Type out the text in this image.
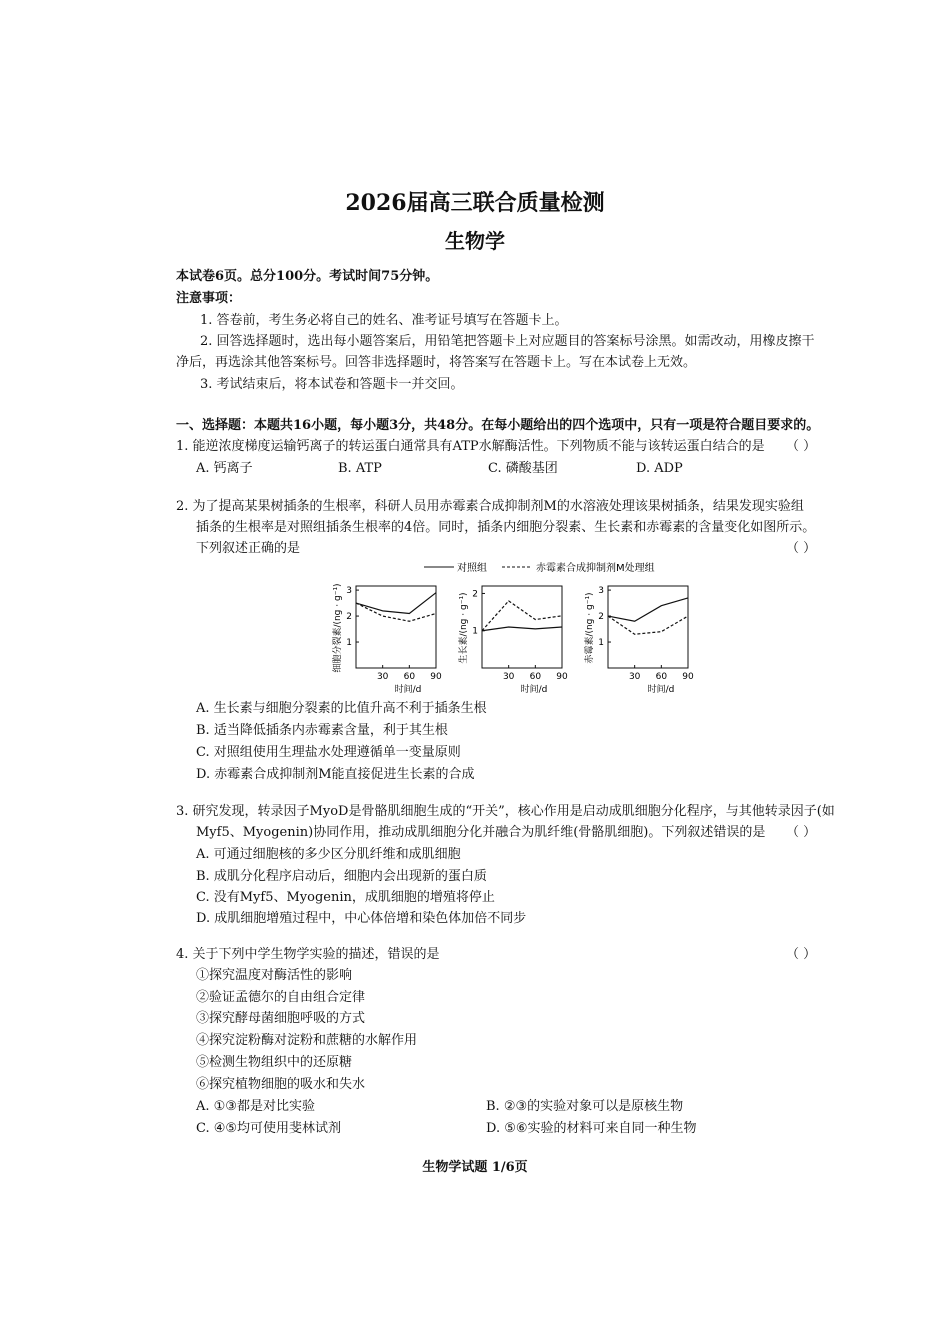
2026届高三联合质量检测
生物学
本试卷6页。总分100分。考试时间75分钟。
注意事项：
1. 答卷前，考生务必将自己的姓名、准考证号填写在答题卡上。
2. 回答选择题时，选出每小题答案后，用铅笔把答题卡上对应题目的答案标号涂黑。如需改动，用橡皮擦干
净后，再选涂其他答案标号。回答非选择题时，将答案写在答题卡上。写在本试卷上无效。
3. 考试结束后，将本试卷和答题卡一并交回。
一、选择题：本题共16小题，每小题3分，共48分。在每小题给出的四个选项中，只有一项是符合题目要求的。
1. 能逆浓度梯度运输钙离子的转运蛋白通常具有ATP水解酶活性。下列物质不能与该转运蛋白结合的是 （ ）
A. 钙离子	B. ATP	C. 磷酸基团	D. ADP
2. 为了提高某果树插条的生根率，科研人员用赤霉素合成抑制剂M的水溶液处理该果树插条，结果发现实验组
插条的生根率是对照组插条生根率的4倍。同时，插条内细胞分裂素、生长素和赤霉素的含量变化如图所示。
下列叙述正确的是	（ ）
对照组	赤霉素合成抑制剂M处理组
细胞分裂素/(ng · g⁻¹)
时间/d
1
2
3
30 60 90
生长素/(ng · g⁻¹)
时间/d
1
2
30 60 90
赤霉素/(ng · g⁻¹)
时间/d
1
2
3
30 60 90
A. 生长素与细胞分裂素的比值升高不利于插条生根
B. 适当降低插条内赤霉素含量，利于其生根
C. 对照组使用生理盐水处理遵循单一变量原则
D. 赤霉素合成抑制剂M能直接促进生长素的合成
3. 研究发现，转录因子MyoD是骨骼肌细胞生成的“开关”，核心作用是启动成肌细胞分化程序，与其他转录因子(如
Myf5、Myogenin)协同作用，推动成肌细胞分化并融合为肌纤维(骨骼肌细胞)。下列叙述错误的是 （ ）
A. 可通过细胞核的多少区分肌纤维和成肌细胞
B. 成肌分化程序启动后，细胞内会出现新的蛋白质
C. 没有Myf5、Myogenin，成肌细胞的增殖将停止
D. 成肌细胞增殖过程中，中心体倍增和染色体加倍不同步
4. 关于下列中学生物学实验的描述，错误的是	（ ）
①探究温度对酶活性的影响
②验证孟德尔的自由组合定律
③探究酵母菌细胞呼吸的方式
④探究淀粉酶对淀粉和蔗糖的水解作用
⑤检测生物组织中的还原糖
⑥探究植物细胞的吸水和失水
A. ①③都是对比实验	B. ②③的实验对象可以是原核生物
C. ④⑤均可使用斐林试剂	D. ⑤⑥实验的材料可来自同一种生物
生物学试题 1/6页
